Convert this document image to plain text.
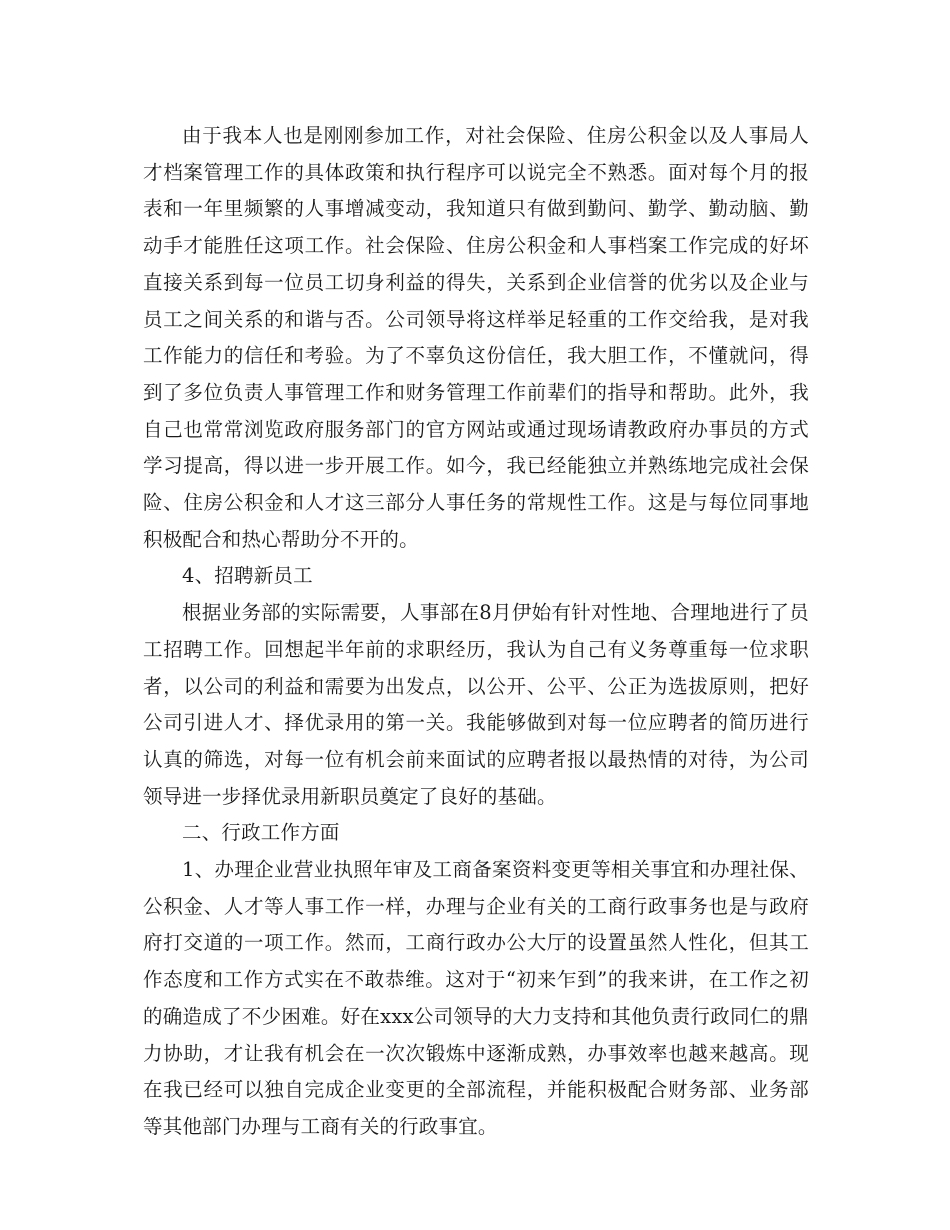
由于我本人也是刚刚参加工作，对社会保险、住房公积金以及人事局人才档案管理工作的具体政策和执行程序可以说完全不熟悉。面对每个月的报表和一年里频繁的人事增减变动，我知道只有做到勤问、勤学、勤动脑、勤动手才能胜任这项工作。社会保险、住房公积金和人事档案工作完成的好坏直接关系到每一位员工切身利益的得失，关系到企业信誉的优劣以及企业与员工之间关系的和谐与否。公司领导将这样举足轻重的工作交给我，是对我工作能力的信任和考验。为了不辜负这份信任，我大胆工作，不懂就问，得到了多位负责人事管理工作和财务管理工作前辈们的指导和帮助。此外，我自己也常常浏览政府服务部门的官方网站或通过现场请教政府办事员的方式学习提高，得以进一步开展工作。如今，我已经能独立并熟练地完成社会保险、住房公积金和人才这三部分人事任务的常规性工作。这是与每位同事地积极配合和热心帮助分不开的。

4、招聘新员工

根据业务部的实际需要，人事部在8月伊始有针对性地、合理地进行了员工招聘工作。回想起半年前的求职经历，我认为自己有义务尊重每一位求职者，以公司的利益和需要为出发点，以公开、公平、公正为选拔原则，把好公司引进人才、择优录用的第一关。我能够做到对每一位应聘者的简历进行认真的筛选，对每一位有机会前来面试的应聘者报以最热情的对待，为公司领导进一步择优录用新职员奠定了良好的基础。

二、行政工作方面

1、办理企业营业执照年审及工商备案资料变更等相关事宜和办理社保、公积金、人才等人事工作一样，办理与企业有关的工商行政事务也是与政府府打交道的一项工作。然而，工商行政办公大厅的设置虽然人性化，但其工作态度和工作方式实在不敢恭维。这对于“初来乍到”的我来讲，在工作之初的确造成了不少困难。好在xxx公司领导的大力支持和其他负责行政同仁的鼎力协助，才让我有机会在一次次锻炼中逐渐成熟，办事效率也越来越高。现在我已经可以独自完成企业变更的全部流程，并能积极配合财务部、业务部等其他部门办理与工商有关的行政事宜。
